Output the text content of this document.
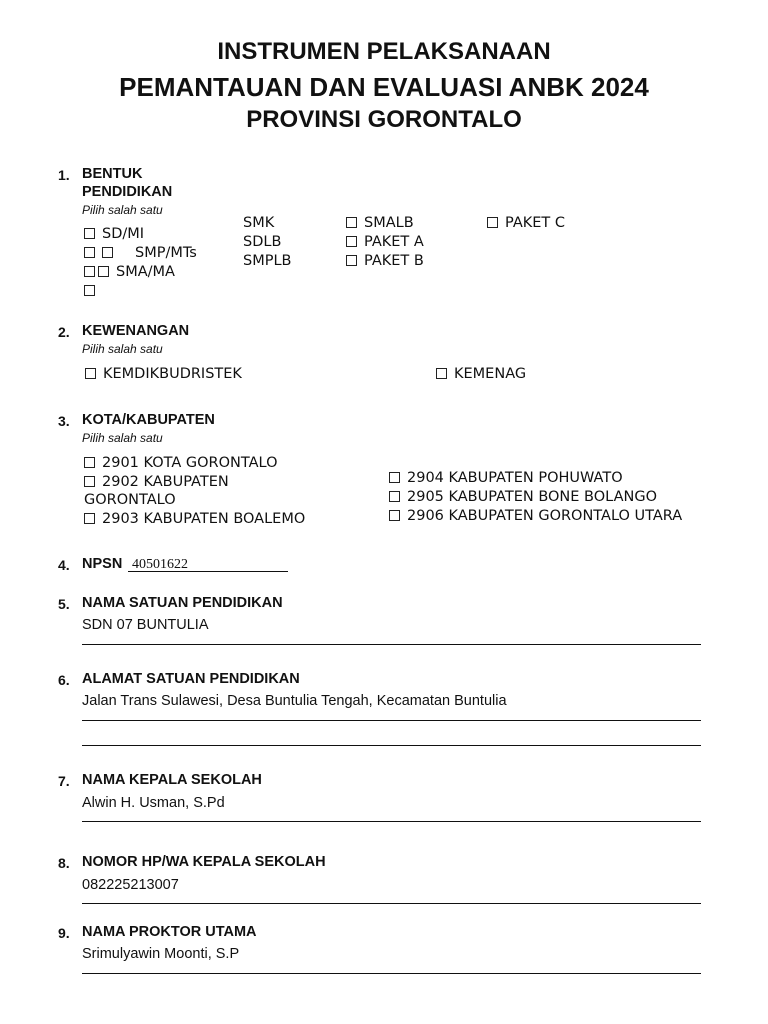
INSTRUMEN PELAKSANAAN
PEMANTAUAN DAN EVALUASI ANBK 2024
PROVINSI GORONTALO
1. BENTUK
PENDIDIKAN
Pilih salah satu
SD/MI
SMP/MTs
SMA/MA
SMK
SDLB
SMPLB
SMALB
PAKET A
PAKET B
PAKET C
2. KEWENANGAN
Pilih salah satu
KEMDIKBUDRISTEK	KEMENAG
3. KOTA/KABUPATEN
Pilih salah satu
2901 KOTA GORONTALO
2902 KABUPATEN
GORONTALO
2903 KABUPATEN BOALEMO
2904 KABUPATEN POHUWATO
2905 KABUPATEN BONE BOLANGO
2906 KABUPATEN GORONTALO UTARA
4. NPSN 40501622
5. NAMA SATUAN PENDIDIKAN
SDN 07 BUNTULIA
6. ALAMAT SATUAN PENDIDIKAN
Jalan Trans Sulawesi, Desa Buntulia Tengah, Kecamatan Buntulia
7. NAMA KEPALA SEKOLAH
Alwin H. Usman, S.Pd
8. NOMOR HP/WA KEPALA SEKOLAH
082225213007
9. NAMA PROKTOR UTAMA
Srimulyawin Moonti, S.P
